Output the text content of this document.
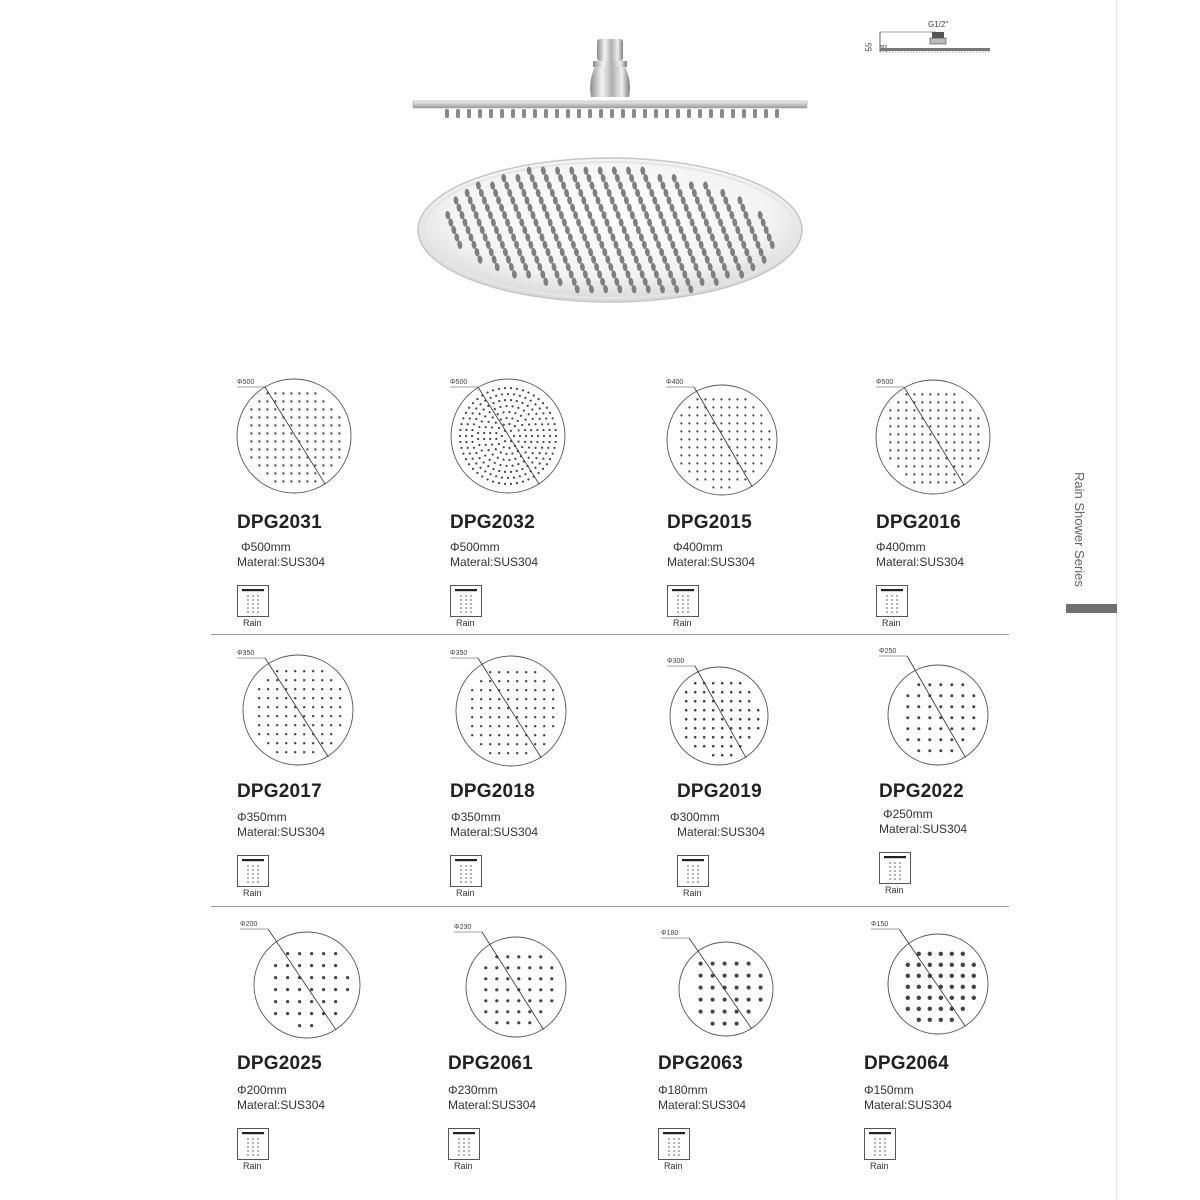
Rain Shower Series
G1/2"
55 4
Φ500
DPG2031
Φ500mm
Materal:SUS304
Rain
Φ500
DPG2032
Φ500mm
Materal:SUS304
Rain
Φ400
DPG2015
Φ400mm
Materal:SUS304
Rain
Φ500
DPG2016
Φ400mm
Materal:SUS304
Rain
Φ350
DPG2017
Φ350mm
Materal:SUS304
Rain
Φ350
DPG2018
Φ350mm
Materal:SUS304
Rain
Φ300
DPG2019
Φ300mm
Materal:SUS304
Rain
Φ250
DPG2022
Φ250mm
Materal:SUS304
Rain
Φ200
DPG2025
Φ200mm
Materal:SUS304
Rain
Φ230
DPG2061
Φ230mm
Materal:SUS304
Rain
Φ180
DPG2063
Φ180mm
Materal:SUS304
Rain
Φ150
DPG2064
Φ150mm
Materal:SUS304
Rain
